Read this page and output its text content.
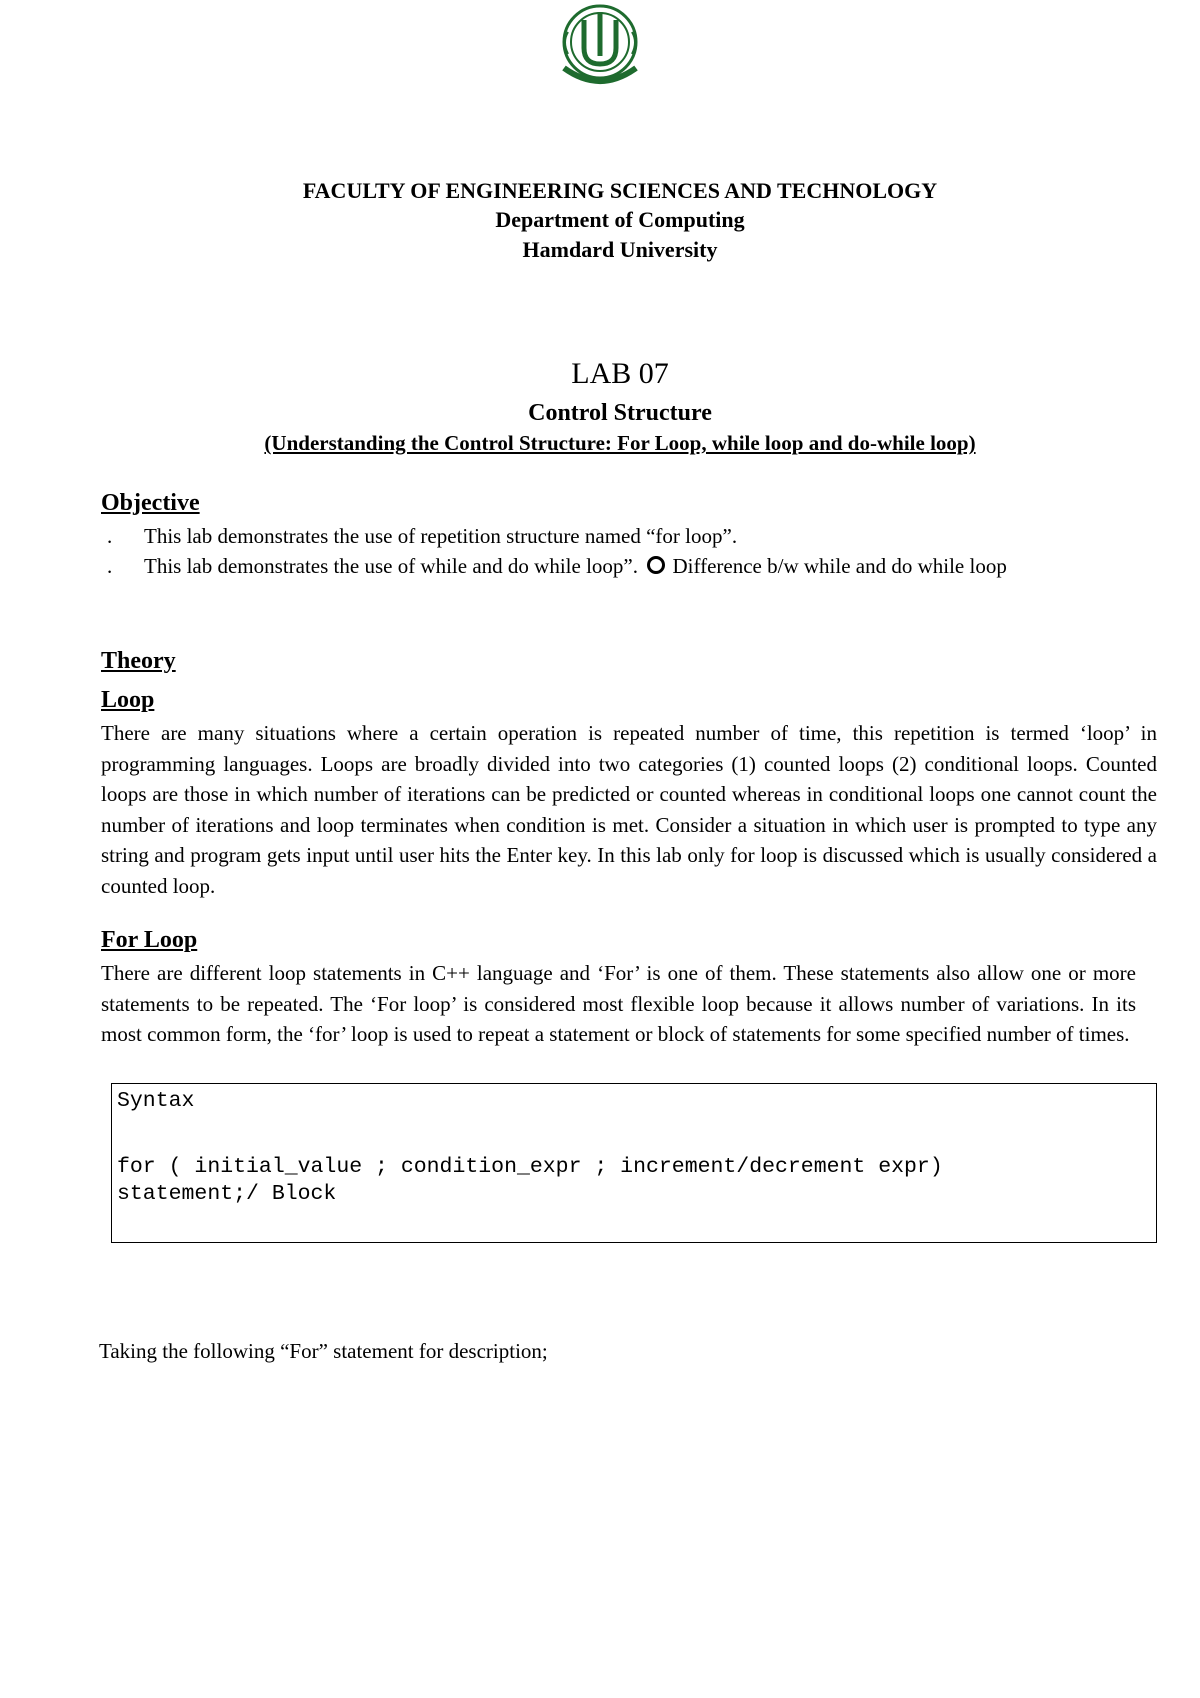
FACULTY OF ENGINEERING SCIENCES AND TECHNOLOGY
Department of Computing
Hamdard University
LAB 07
Control Structure
(Understanding the Control Structure: For Loop, while loop and do-while loop)
Objective
. This lab demonstrates the use of repetition structure named “for loop”.
. This lab demonstrates the use of while and do while loop”. Difference b/w while and do while loop
Theory
Loop
There are many situations where a certain operation is repeated number of time, this repetition is termed ‘loop’ in programming languages. Loops are broadly divided into two categories (1) counted loops (2) conditional loops. Counted loops are those in which number of iterations can be predicted or counted whereas in conditional loops one cannot count the number of iterations and loop terminates when condition is met. Consider a situation in which user is prompted to type any string and program gets input until user hits the Enter key. In this lab only for loop is discussed which is usually considered a counted loop.
For Loop
There are different loop statements in C++ language and ‘For’ is one of them. These statements also allow one or more statements to be repeated. The ‘For loop’ is considered most flexible loop because it allows number of variations. In its most common form, the ‘for’ loop is used to repeat a statement or block of statements for some specified number of times.
Syntax
for ( initial_value ; condition_expr ; increment/decrement expr)
statement;/ Block
Taking the following “For” statement for description;
